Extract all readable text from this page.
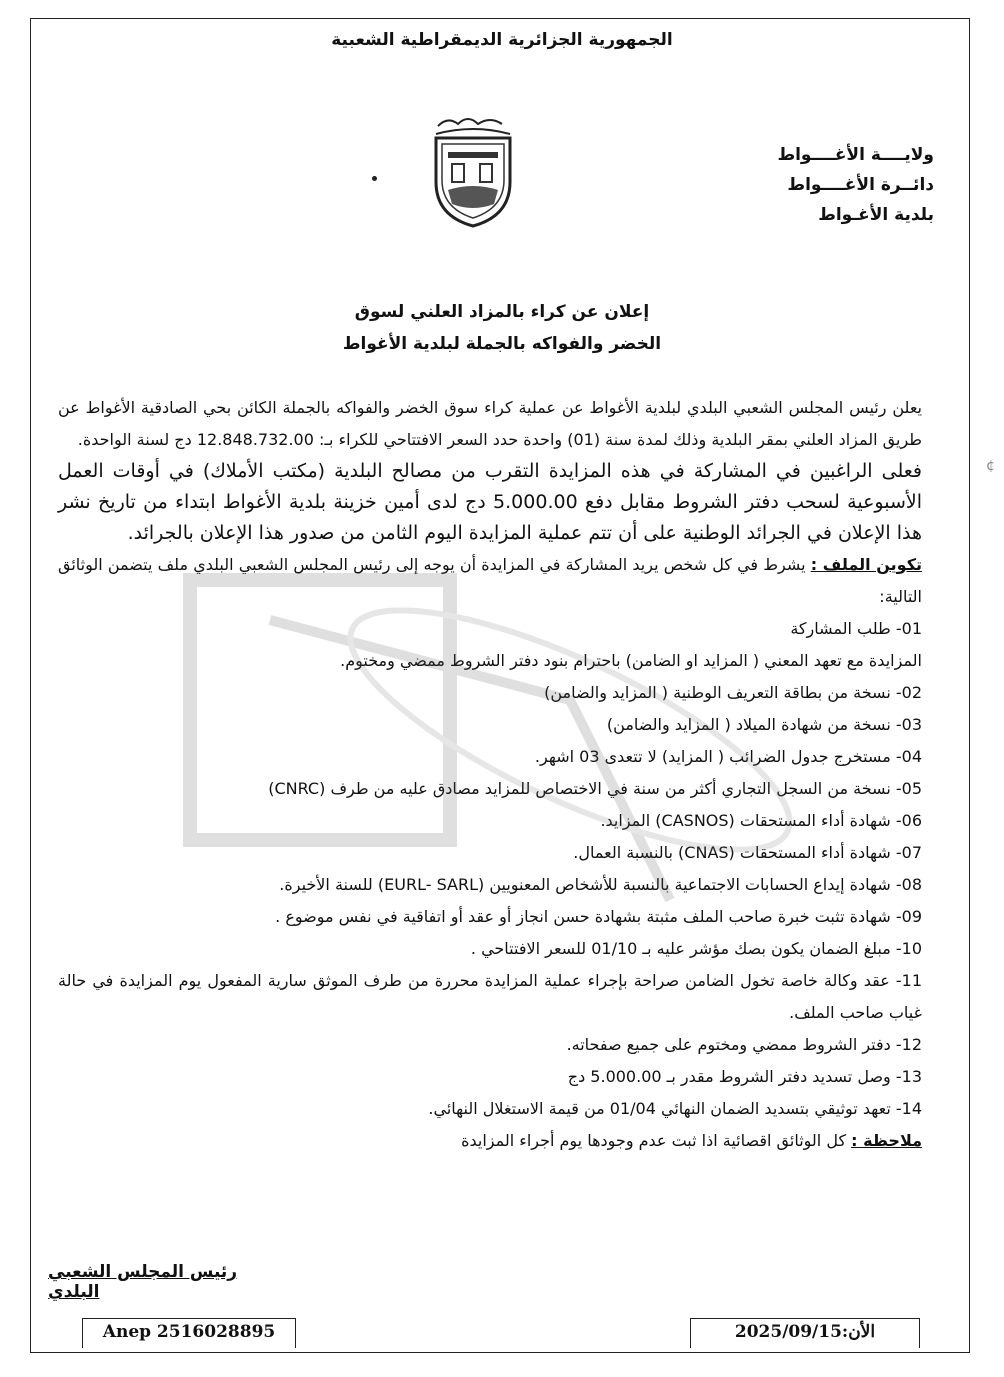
الجمهورية الجزائرية الديمقراطية الشعبية
ولايــــة الأغــــواط
دائــرة الأغــــواط
بلدية الأغـواط
إعلان عن كراء بالمزاد العلني لسوق
الخضر والفواكه بالجملة لبلدية الأغواط

يعلن رئيس المجلس الشعبي البلدي لبلدية الأغواط عن عملية كراء سوق الخضر والفواكه بالجملة الكائن بحي الصادقية الأغواط عن طريق المزاد العلني بمقر البلدية وذلك لمدة سنة (01) واحدة حدد السعر الافتتاحي للكراء بـ: 12.848.732.00 دج لسنة الواحدة.

فعلى الراغبين في المشاركة في هذه المزايدة التقرب من مصالح البلدية (مكتب الأملاك) في أوقات العمل الأسبوعية لسحب دفتر الشروط مقابل دفع 5.000.00 دج لدى أمين خزينة بلدية الأغواط ابتداء من تاريخ نشر هذا الإعلان في الجرائد الوطنية على أن تتم عملية المزايدة اليوم الثامن من صدور هذا الإعلان بالجرائد.

تكوين الملف : يشرط في كل شخص يريد المشاركة في المزايدة أن يوجه إلى رئيس المجلس الشعبي البلدي ملف يتضمن الوثائق التالية:

01- طلب المشاركة

المزايدة مع تعهد المعني ( المزايد او الضامن) باحترام بنود دفتر الشروط ممضي ومختوم.

02- نسخة من بطاقة التعريف الوطنية ( المزايد والضامن)

03- نسخة من شهادة الميلاد ( المزايد والضامن)

04- مستخرج جدول الضرائب ( المزايد) لا تتعدى 03 اشهر.

05- نسخة من السجل التجاري أكثر من سنة في الاختصاص للمزايد مصادق عليه من طرف (CNRC)

06- شهادة أداء المستحقات (CASNOS) المزايد.

07- شهادة أداء المستحقات (CNAS) بالنسبة العمال.

08- شهادة إيداع الحسابات الاجتماعية بالنسبة للأشخاص المعنويين (EURL- SARL) للسنة الأخيرة.

09- شهادة تثبت خبرة صاحب الملف مثبتة بشهادة حسن انجاز أو عقد أو اتفاقية في نفس موضوع .

10- مبلغ الضمان يكون بصك مؤشر عليه بـ 01/10 للسعر الافتتاحي .

11- عقد وكالة خاصة تخول الضامن صراحة بإجراء عملية المزايدة محررة من طرف الموثق سارية المفعول يوم المزايدة في حالة غياب صاحب الملف.

12- دفتر الشروط ممضي ومختوم على جميع صفحاته.

13- وصل تسديد دفتر الشروط مقدر بـ 5.000.00 دج

14- تعهد توثيقي بتسديد الضمان النهائي 01/04 من قيمة الاستغلال النهائي.

ملاحظة : كل الوثائق اقصائية اذا ثبت عدم وجودها يوم أجراء المزايدة

¢
رئيس المجلس الشعبي البلدي
Anep 2516028895	2025/09/15الأن:
